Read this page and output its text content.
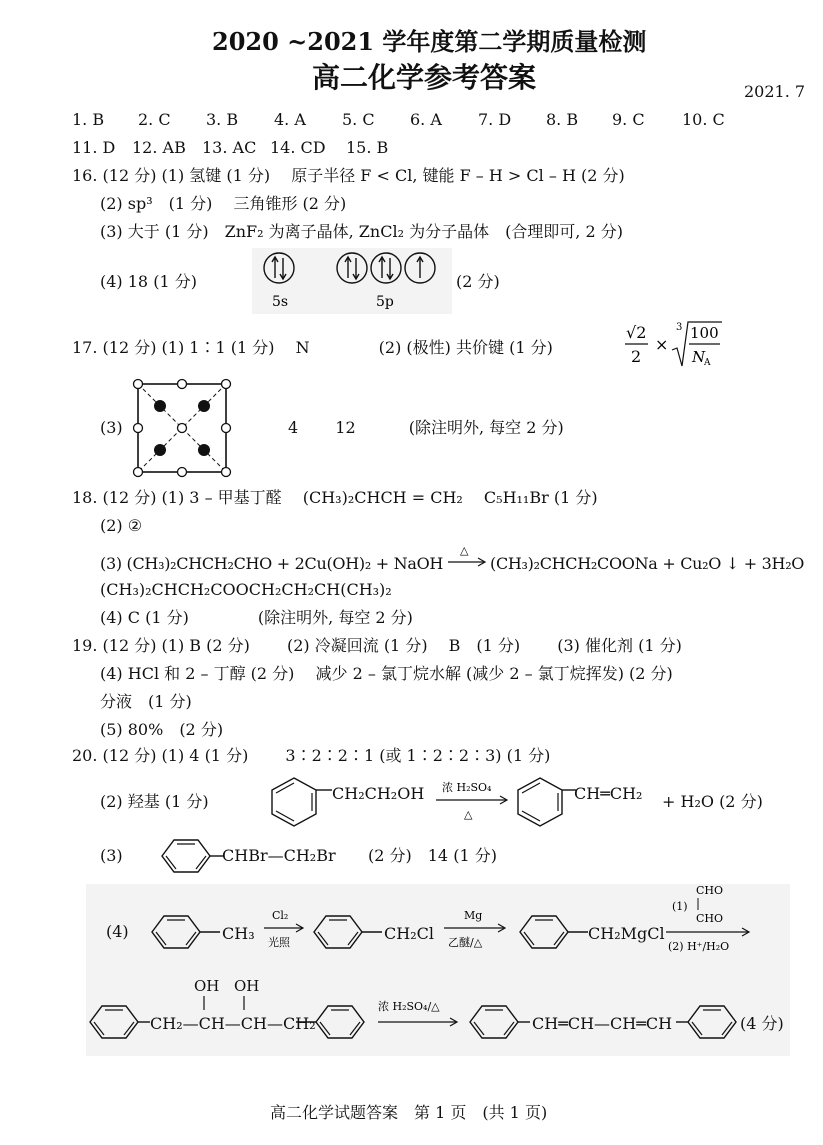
2020 ~2021 学年度第二学期质量检测
高二化学参考答案	2021. 7
1. B 2. C 3. B 4. A 5. C 6. A 7. D 8. B 9. C 10. C
11. D 12. AB 13. AC 14. CD 15. B
16. (12 分) (1) 氢键 (1 分)　 原子半径 F < Cl, 键能 F – H > Cl – H (2 分)
(2) sp³　(1 分)　 三角锥形 (2 分)
(3) 大于 (1 分)　ZnF₂ 为离子晶体, ZnCl₂ 为分子晶体　(合理即可, 2 分)
(4) 18 (1 分)
5s	5p
(2 分)
17. (12 分) (1) 1∶1 (1 分)　 N　　　　 (2) (极性) 共价键 (1 分)
√2
2
×
3 100
N
A
(3)	4　　 12　　　 (除注明外, 每空 2 分)
18. (12 分) (1) 3 – 甲基丁醛　 (CH₃)₂CHCH = CH₂　 C₅H₁₁Br (1 分)
(2) ②
(3) (CH₃)₂CHCH₂CHO + 2Cu(OH)₂ + NaOH
△
(CH₃)₂CHCH₂COONa + Cu₂O ↓ + 3H₂O
(CH₃)₂CHCH₂COOCH₂CH₂CH(CH₃)₂
(4) C (1 分)　　　　 (除注明外, 每空 2 分)
19. (12 分) (1) B (2 分)　　 (2) 冷凝回流 (1 分)　 B　(1 分)　　 (3) 催化剂 (1 分)
(4) HCl 和 2 – 丁醇 (2 分)　 减少 2 – 氯丁烷水解 (减少 2 – 氯丁烷挥发) (2 分)
分液　(1 分)
(5) 80%　(2 分)
20. (12 分) (1) 4 (1 分)　　 3∶2∶2∶1 (或 1∶2∶2∶3) (1 分)
(2) 羟基 (1 分)	CH₂CH₂OH 浓 H₂SO₄
△
CH═CH₂ + H₂O (2 分)
(3)	CHBr—CH₂Br (2 分)　14 (1 分)
(4)	CH₃
Cl₂
光照	CH₂Cl
Mg
乙醚/△	CH₂MgCl
CHO
(1)
CHO
(2) H⁺/H₂O
OH OH
CH₂—CH—CH—CH₂
浓 H₂SO₄/△
CH═CH—CH═CH	(4 分)
高二化学试题答案　第 1 页　(共 1 页)
